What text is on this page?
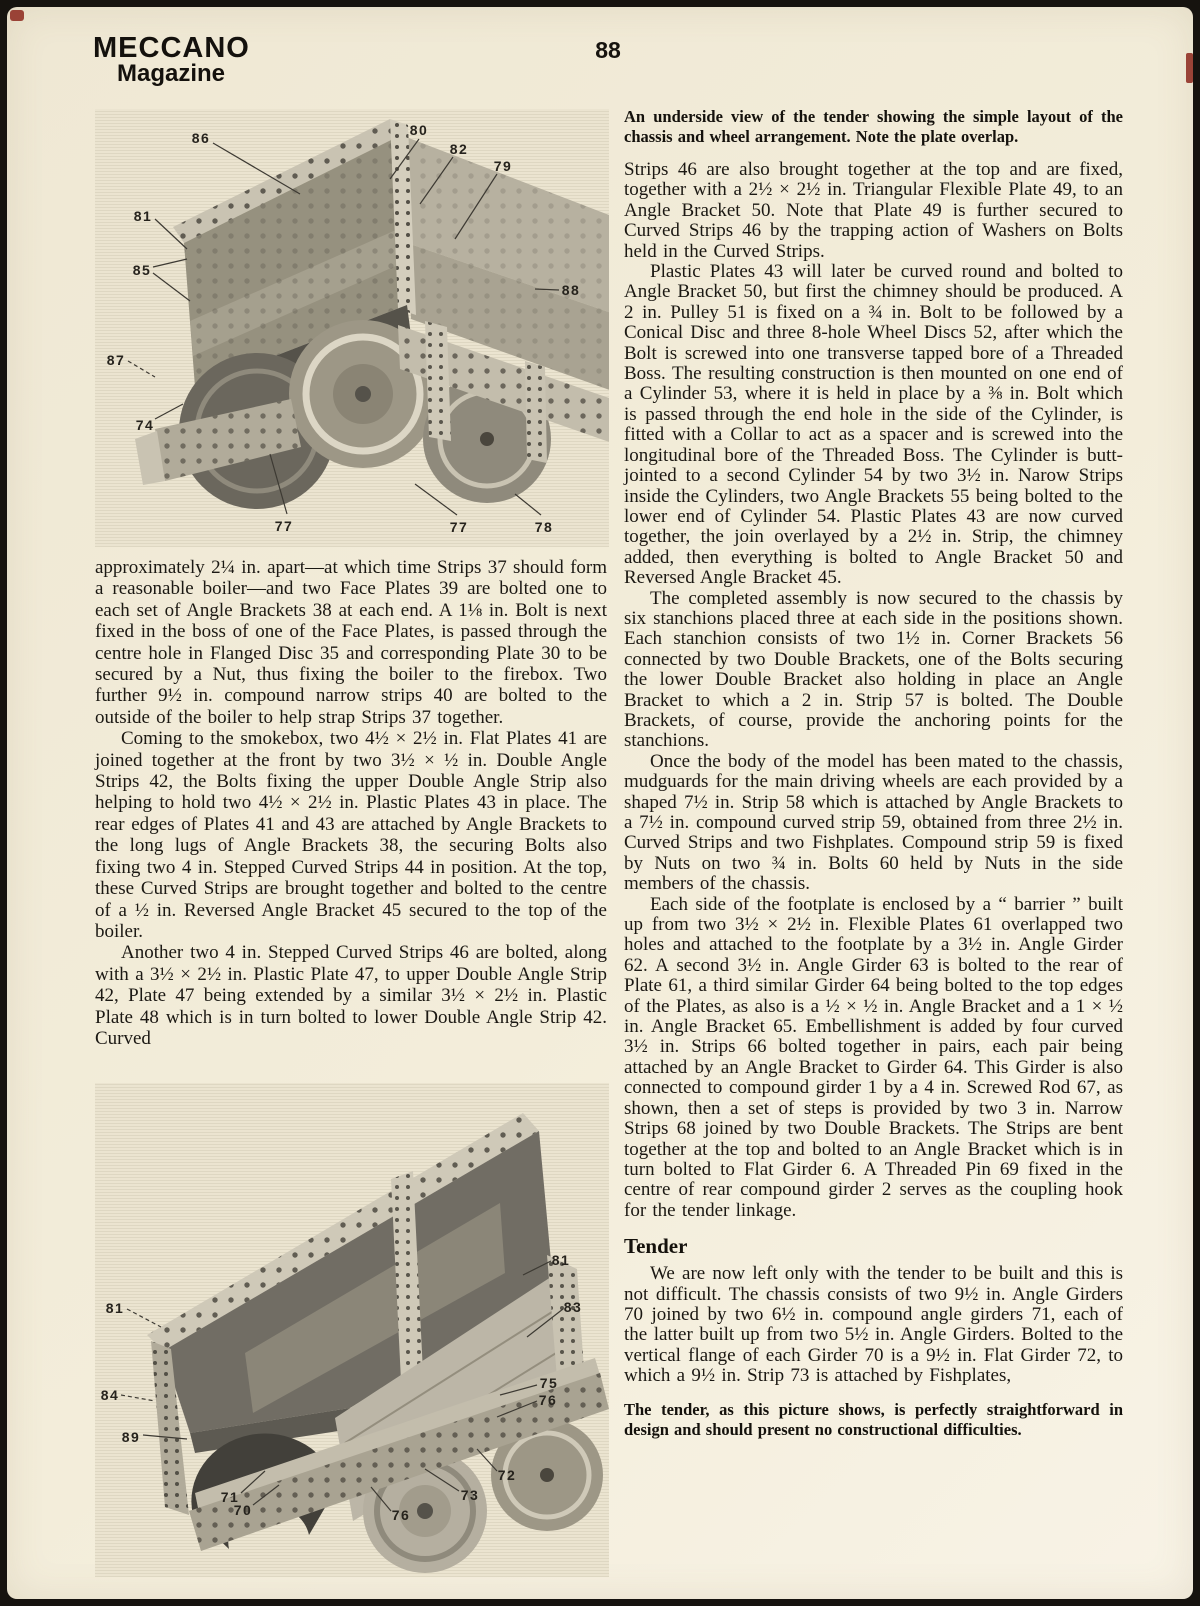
MECCANO
Magazine
88
86	80
82
79
81
85
88
87
74
77	77	78

approximately 2¼ in. apart—at which time Strips 37 should form a reasonable boiler—and two Face Plates 39 are bolted one to each set of Angle Brackets 38 at each end. A 1⅛ in. Bolt is next fixed in the boss of one of the Face Plates, is passed through the centre hole in Flanged Disc 35 and corresponding Plate 30 to be secured by a Nut, thus fixing the boiler to the firebox. Two further 9½ in. compound narrow strips 40 are bolted to the outside of the boiler to help strap Strips 37 together.

Coming to the smokebox, two 4½ × 2½ in. Flat Plates 41 are joined together at the front by two 3½ × ½ in. Double Angle Strips 42, the Bolts fixing the upper Double Angle Strip also helping to hold two 4½ × 2½ in. Plastic Plates 43 in place. The rear edges of Plates 41 and 43 are attached by Angle Brackets to the long lugs of Angle Brackets 38, the securing Bolts also fixing two 4 in. Stepped Curved Strips 44 in position. At the top, these Curved Strips are brought together and bolted to the centre of a ½ in. Reversed Angle Bracket 45 secured to the top of the boiler.

Another two 4 in. Stepped Curved Strips 46 are bolted, along with a 3½ × 2½ in. Plastic Plate 47, to upper Double Angle Strip 42, Plate 47 being extended by a similar 3½ × 2½ in. Plastic Plate 48 which is in turn bolted to lower Double Angle Strip 42. Curved

81
83
81
84
89
75
76
72
73
76
71
70

An underside view of the tender showing the simple layout of the chassis and wheel arrangement. Note the plate overlap.

Strips 46 are also brought together at the top and are fixed, together with a 2½ × 2½ in. Triangular Flexible Plate 49, to an Angle Bracket 50. Note that Plate 49 is further secured to Curved Strips 46 by the trapping action of Washers on Bolts held in the Curved Strips.

Plastic Plates 43 will later be curved round and bolted to Angle Bracket 50, but first the chimney should be produced. A 2 in. Pulley 51 is fixed on a ¾ in. Bolt to be followed by a Conical Disc and three 8-hole Wheel Discs 52, after which the Bolt is screwed into one transverse tapped bore of a Threaded Boss. The resulting construction is then mounted on one end of a Cylinder 53, where it is held in place by a ⅜ in. Bolt which is passed through the end hole in the side of the Cylinder, is fitted with a Collar to act as a spacer and is screwed into the longitudinal bore of the Threaded Boss. The Cylinder is butt-jointed to a second Cylinder 54 by two 3½ in. Narow Strips inside the Cylinders, two Angle Brackets 55 being bolted to the lower end of Cylinder 54. Plastic Plates 43 are now curved together, the join overlayed by a 2½ in. Strip, the chimney added, then everything is bolted to Angle Bracket 50 and Reversed Angle Bracket 45.

The completed assembly is now secured to the chassis by six stanchions placed three at each side in the positions shown. Each stanchion consists of two 1½ in. Corner Brackets 56 connected by two Double Brackets, one of the Bolts securing the lower Double Bracket also holding in place an Angle Bracket to which a 2 in. Strip 57 is bolted. The Double Brackets, of course, provide the anchoring points for the stanchions.

Once the body of the model has been mated to the chassis, mudguards for the main driving wheels are each provided by a shaped 7½ in. Strip 58 which is attached by Angle Brackets to a 7½ in. compound curved strip 59, obtained from three 2½ in. Curved Strips and two Fishplates. Compound strip 59 is fixed by Nuts on two ¾ in. Bolts 60 held by Nuts in the side members of the chassis.

Each side of the footplate is enclosed by a “ barrier ” built up from two 3½ × 2½ in. Flexible Plates 61 overlapped two holes and attached to the footplate by a 3½ in. Angle Girder 62. A second 3½ in. Angle Girder 63 is bolted to the rear of Plate 61, a third similar Girder 64 being bolted to the top edges of the Plates, as also is a ½ × ½ in. Angle Bracket and a 1 × ½ in. Angle Bracket 65. Embellishment is added by four curved 3½ in. Strips 66 bolted together in pairs, each pair being attached by an Angle Bracket to Girder 64. This Girder is also connected to compound girder 1 by a 4 in. Screwed Rod 67, as shown, then a set of steps is provided by two 3 in. Narrow Strips 68 joined by two Double Brackets. The Strips are bent together at the top and bolted to an Angle Bracket which is in turn bolted to Flat Girder 6. A Threaded Pin 69 fixed in the centre of rear compound girder 2 serves as the coupling hook for the tender linkage.

Tender

We are now left only with the tender to be built and this is not difficult. The chassis consists of two 9½ in. Angle Girders 70 joined by two 6½ in. compound angle girders 71, each of the latter built up from two 5½ in. Angle Girders. Bolted to the vertical flange of each Girder 70 is a 9½ in. Flat Girder 72, to which a 9½ in. Strip 73 is attached by Fishplates,

The tender, as this picture shows, is perfectly straightforward in design and should present no constructional difficulties.
